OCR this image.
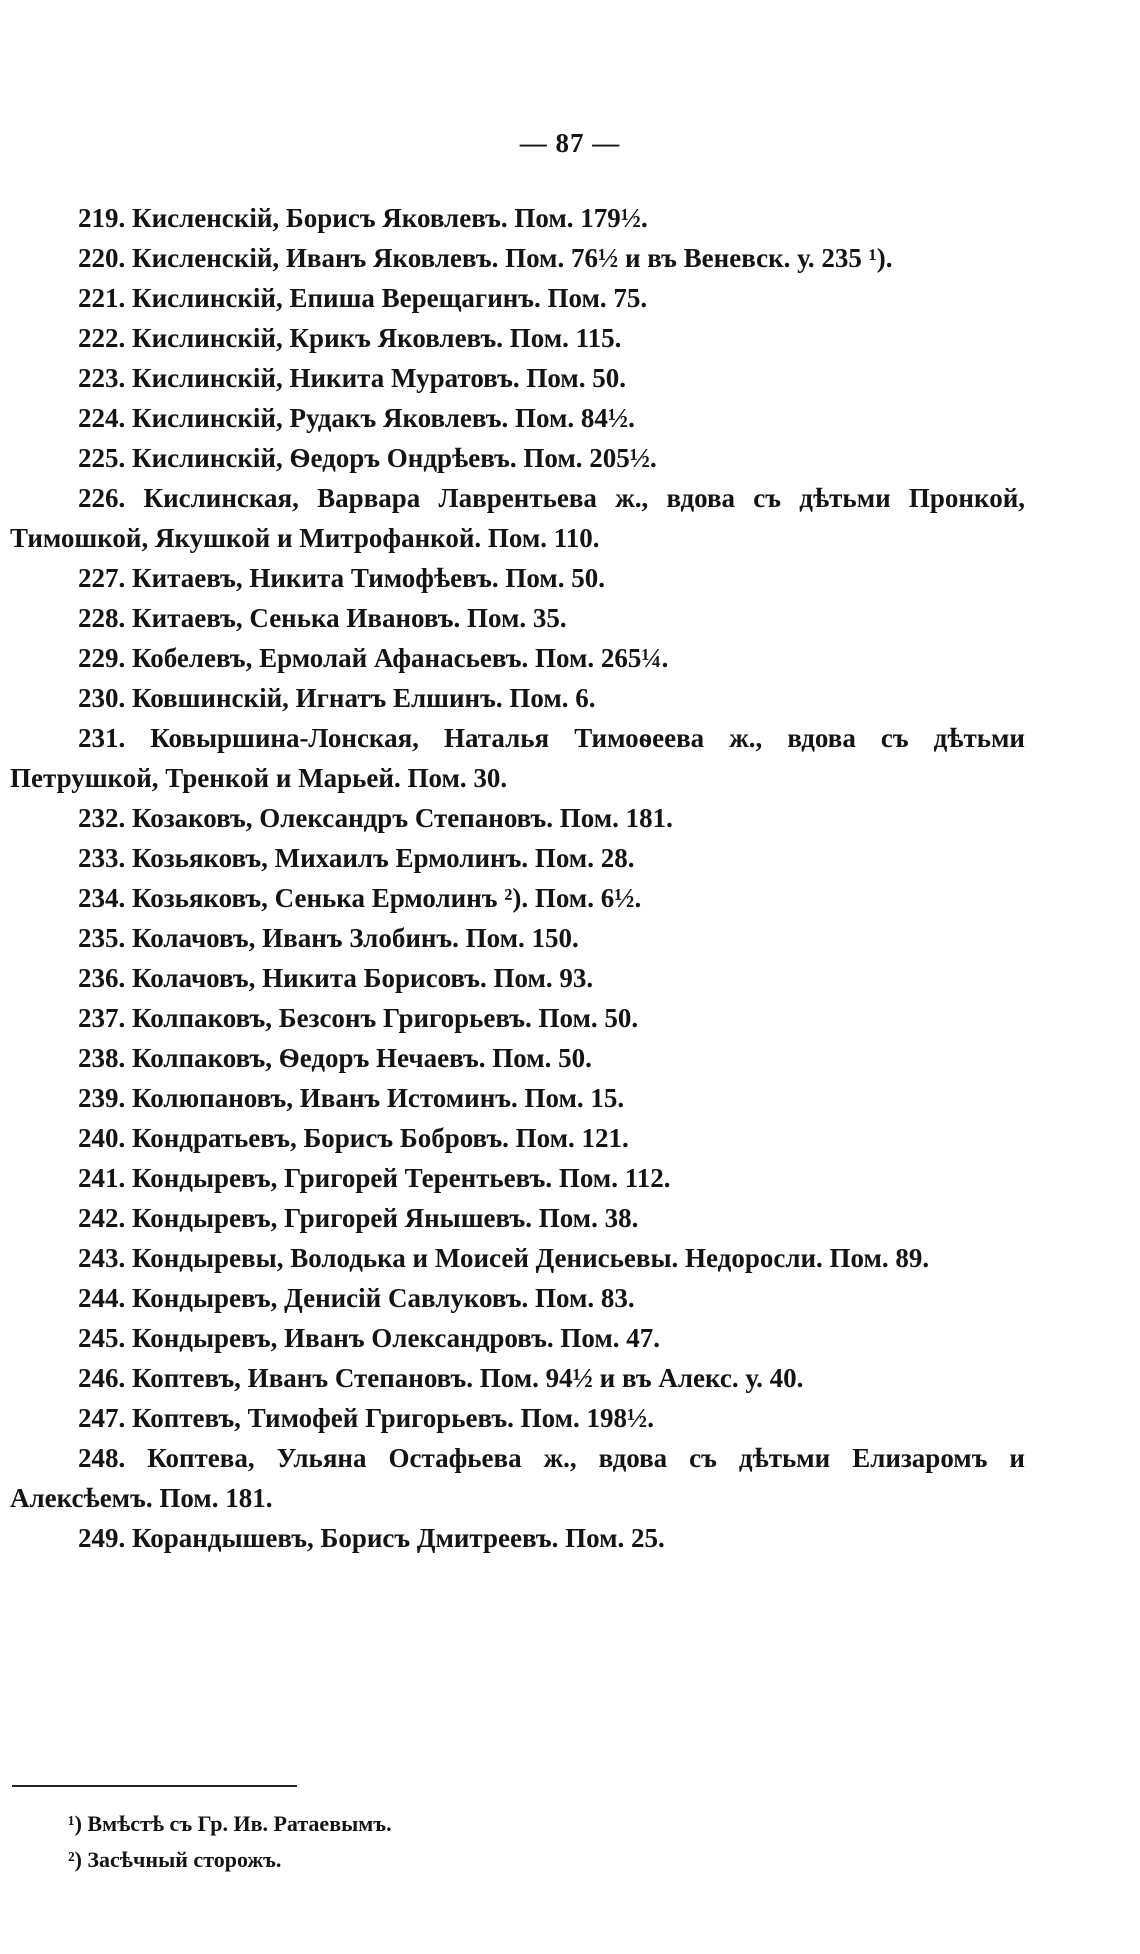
— 87 —

219. Кисленскій, Борисъ Яковлевъ. Пом. 179½.

220. Кисленскій, Иванъ Яковлевъ. Пом. 76½ и въ Веневск. у. 235 ¹).

221. Кислинскій, Епиша Верещагинъ. Пом. 75.

222. Кислинскій, Крикъ Яковлевъ. Пом. 115.

223. Кислинскій, Никита Муратовъ. Пом. 50.

224. Кислинскій, Рудакъ Яковлевъ. Пом. 84½.

225. Кислинскій, Ѳедоръ Ондрѣевъ. Пом. 205½.

226. Кислинская, Варвара Лаврентьева ж., вдова съ дѣтьми Пронкой, Тимошкой, Якушкой и Митрофанкой. Пом. 110.

227. Китаевъ, Никита Тимофѣевъ. Пом. 50.

228. Китаевъ, Сенька Ивановъ. Пом. 35.

229. Кобелевъ, Ермолай Афанасьевъ. Пом. 265¼.

230. Ковшинскій, Игнатъ Елшинъ. Пом. 6.

231. Ковыршина-Лонская, Наталья Тимоѳеева ж., вдова съ дѣтьми Петрушкой, Тренкой и Марьей. Пом. 30.

232. Козаковъ, Олександръ Степановъ. Пом. 181.

233. Козьяковъ, Михаилъ Ермолинъ. Пом. 28.

234. Козьяковъ, Сенька Ермолинъ ²). Пом. 6½.

235. Колачовъ, Иванъ Злобинъ. Пом. 150.

236. Колачовъ, Никита Борисовъ. Пом. 93.

237. Колпаковъ, Безсонъ Григорьевъ. Пом. 50.

238. Колпаковъ, Ѳедоръ Нечаевъ. Пом. 50.

239. Колюпановъ, Иванъ Истоминъ. Пом. 15.

240. Кондратьевъ, Борисъ Бобровъ. Пом. 121.

241. Кондыревъ, Григорей Терентьевъ. Пом. 112.

242. Кондыревъ, Григорей Янышевъ. Пом. 38.

243. Кондыревы, Володька и Моисей Денисьевы. Недоросли. Пом. 89.

244. Кондыревъ, Денисій Савлуковъ. Пом. 83.

245. Кондыревъ, Иванъ Олександровъ. Пом. 47.

246. Коптевъ, Иванъ Степановъ. Пом. 94½ и въ Алекс. у. 40.

247. Коптевъ, Тимофей Григорьевъ. Пом. 198½.

248. Коптева, Ульяна Остафьева ж., вдова съ дѣтьми Елизаромъ и Алексѣемъ. Пом. 181.

249. Корандышевъ, Борисъ Дмитреевъ. Пом. 25.

¹) Вмѣстѣ съ Гр. Ив. Ратаевымъ.

²) Засѣчный сторожъ.
